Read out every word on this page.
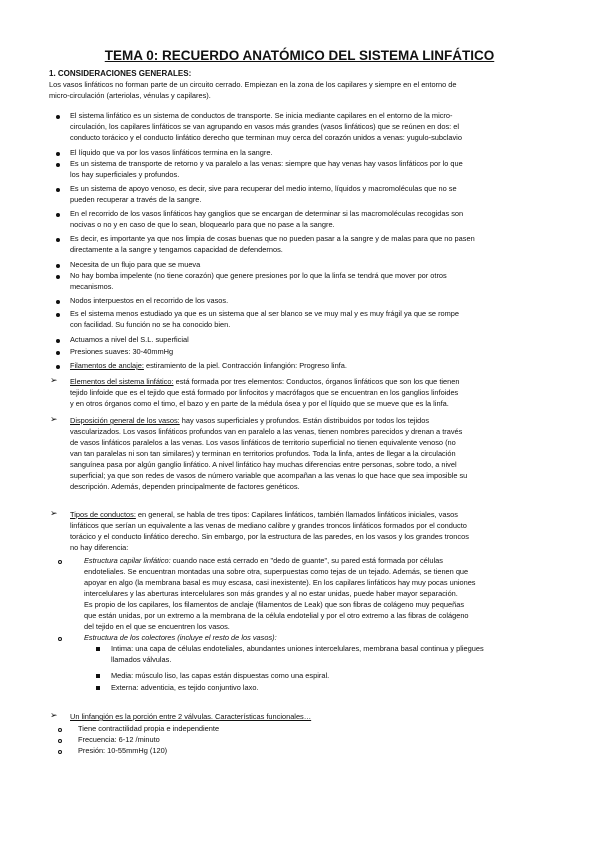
TEMA 0: RECUERDO ANATÓMICO DEL SISTEMA LINFÁTICO
1. CONSIDERACIONES GENERALES:
Los vasos linfáticos no forman parte de un circuito cerrado. Empiezan en la zona de los capilares y siempre en el entorno de
micro-circulación (arteriolas, vénulas y capilares).
Filamentos de anclaje: estiramiento de la piel. Contracción linfangión: Progreso linfa.
➢ Elementos del sistema linfático: está formada por tres elementos: Conductos, órganos linfáticos que son los que tienen
tejido linfoide que es el tejido que está formado por linfocitos y macrófagos que se encuentran en los ganglios linfoides
y en otros órganos como el timo, el bazo y en parte de la médula ósea y por el líquido que se mueve que es la linfa.
➢ Disposición general de los vasos: hay vasos superficiales y profundos. Están distribuidos por todos los tejidos
➢ Tipos de conductos: en general, se habla de tres tipos: Capilares linfáticos, también llamados linfáticos iniciales, vasos
Estructura capilar linfático: cuando nace está cerrado en "dedo de guante", su pared está formada por células
Estructura de los colectores (incluye el resto de los vasos):
➢ Un linfangión es la porción entre 2 válvulas. Características funcionales…
El sistema linfático es un sistema de conductos de transporte. Se inicia mediante capilares en el entorno de la micro-
circulación, los capilares linfáticos se van agrupando en vasos más grandes (vasos linfáticos) que se reúnen en dos: el
conducto torácico y el conducto linfático derecho que terminan muy cerca del corazón unidos a venas: yugulo-subclavio
El líquido que va por los vasos linfáticos termina en la sangre.
Es un sistema de transporte de retorno y va paralelo a las venas: siempre que hay venas hay vasos linfáticos por lo que
los hay superficiales y profundos.
Es un sistema de apoyo venoso, es decir, sive para recuperar del medio interno, líquidos y macromoléculas que no se
pueden recuperar a través de la sangre.
En el recorrido de los vasos linfáticos hay ganglios que se encargan de determinar si las macromoléculas recogidas son
nocivas o no y en caso de que lo sean, bloquearlo para que no pase a la sangre.
Es decir, es importante ya que nos limpia de cosas buenas que no pueden pasar a la sangre y de malas para que no pasen
directamente a la sangre y tengamos capacidad de defendernos.
Necesita de un flujo para que se mueva
No hay bomba impelente (no tiene corazón) que genere presiones por lo que la linfa se tendrá que mover por otros
mecanismos.
Nodos interpuestos en el recorrido de los vasos.
Es el sistema menos estudiado ya que es un sistema que al ser blanco se ve muy mal y es muy frágil ya que se rompe
con facilidad. Su función no se ha conocido bien.
Actuamos a nivel del S.L. superficial
Presiones suaves: 30-40mmHg
vascularizados. Los vasos linfáticos profundos van en paralelo a las venas, tienen nombres parecidos y drenan a través
de vasos linfáticos paralelos a las venas. Los vasos linfáticos de territorio superficial no tienen equivalente venoso (no
van tan paralelas ni son tan similares) y terminan en territorios profundos. Toda la linfa, antes de llegar a la circulación
sanguínea pasa por algún ganglio linfático. A nivel linfático hay muchas diferencias entre personas, sobre todo, a nivel
superficial; ya que son redes de vasos de número variable que acompañan a las venas lo que hace que sea imposible su
descripción. Además, dependen principalmente de factores genéticos.
linfáticos que serían un equivalente a las venas de mediano calibre y grandes troncos linfáticos formados por el conducto
torácico y el conducto linfático derecho. Sin embargo, por la estructura de las paredes, en los vasos y los grandes troncos
no hay diferencia:
endoteliales. Se encuentran montadas una sobre otra, superpuestas como tejas de un tejado. Además, se tienen que
apoyar en algo (la membrana basal es muy escasa, casi inexistente). En los capilares linfáticos hay muy pocas uniones
intercelulares y las aberturas intercelulares son más grandes y al no estar unidas, puede haber mayor separación.
Es propio de los capilares, los filamentos de anclaje (filamentos de Leak) que son fibras de colágeno muy pequeñas
que están unidas, por un extremo a la membrana de la célula endotelial y por el otro extremo a las fibras de colágeno
del tejido en el que se encuentren los vasos.
Intima: una capa de células endoteliales, abundantes uniones intercelulares, membrana basal continua y pliegues
llamados válvulas.
Media: músculo liso, las capas están dispuestas como una espiral.
Externa: adventicia, es tejido conjuntivo laxo.
Tiene contractilidad propia e independiente
Frecuencia: 6-12 /minuto
Presión: 10-55mmHg (120)
